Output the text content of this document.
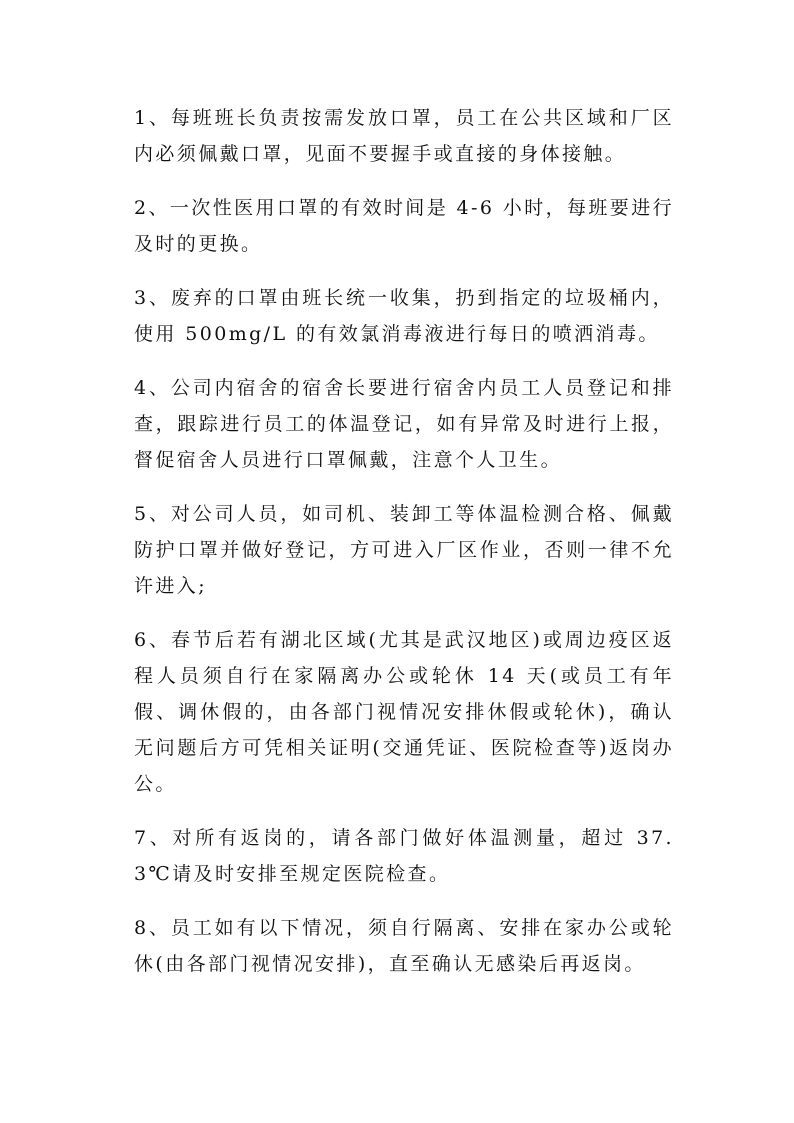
1、每班班长负责按需发放口罩，员工在公共区域和厂区内必须佩戴口罩，见面不要握手或直接的身体接触。

2、一次性医用口罩的有效时间是 4-6 小时，每班要进行及时的更换。

3、废弃的口罩由班长统一收集，扔到指定的垃圾桶内，使用 500mg/L 的有效氯消毒液进行每日的喷洒消毒。

4、公司内宿舍的宿舍长要进行宿舍内员工人员登记和排查，跟踪进行员工的体温登记，如有异常及时进行上报，督促宿舍人员进行口罩佩戴，注意个人卫生。

5、对公司人员，如司机、装卸工等体温检测合格、佩戴防护口罩并做好登记，方可进入厂区作业，否则一律不允许进入;

6、春节后若有湖北区域(尤其是武汉地区)或周边疫区返程人员须自行在家隔离办公或轮休 14 天(或员工有年假、调休假的，由各部门视情况安排休假或轮休)，确认无问题后方可凭相关证明(交通凭证、医院检查等)返岗办公。

7、对所有返岗的，请各部门做好体温测量，超过 37.3℃请及时安排至规定医院检查。

8、员工如有以下情况，须自行隔离、安排在家办公或轮休(由各部门视情况安排)，直至确认无感染后再返岗。
